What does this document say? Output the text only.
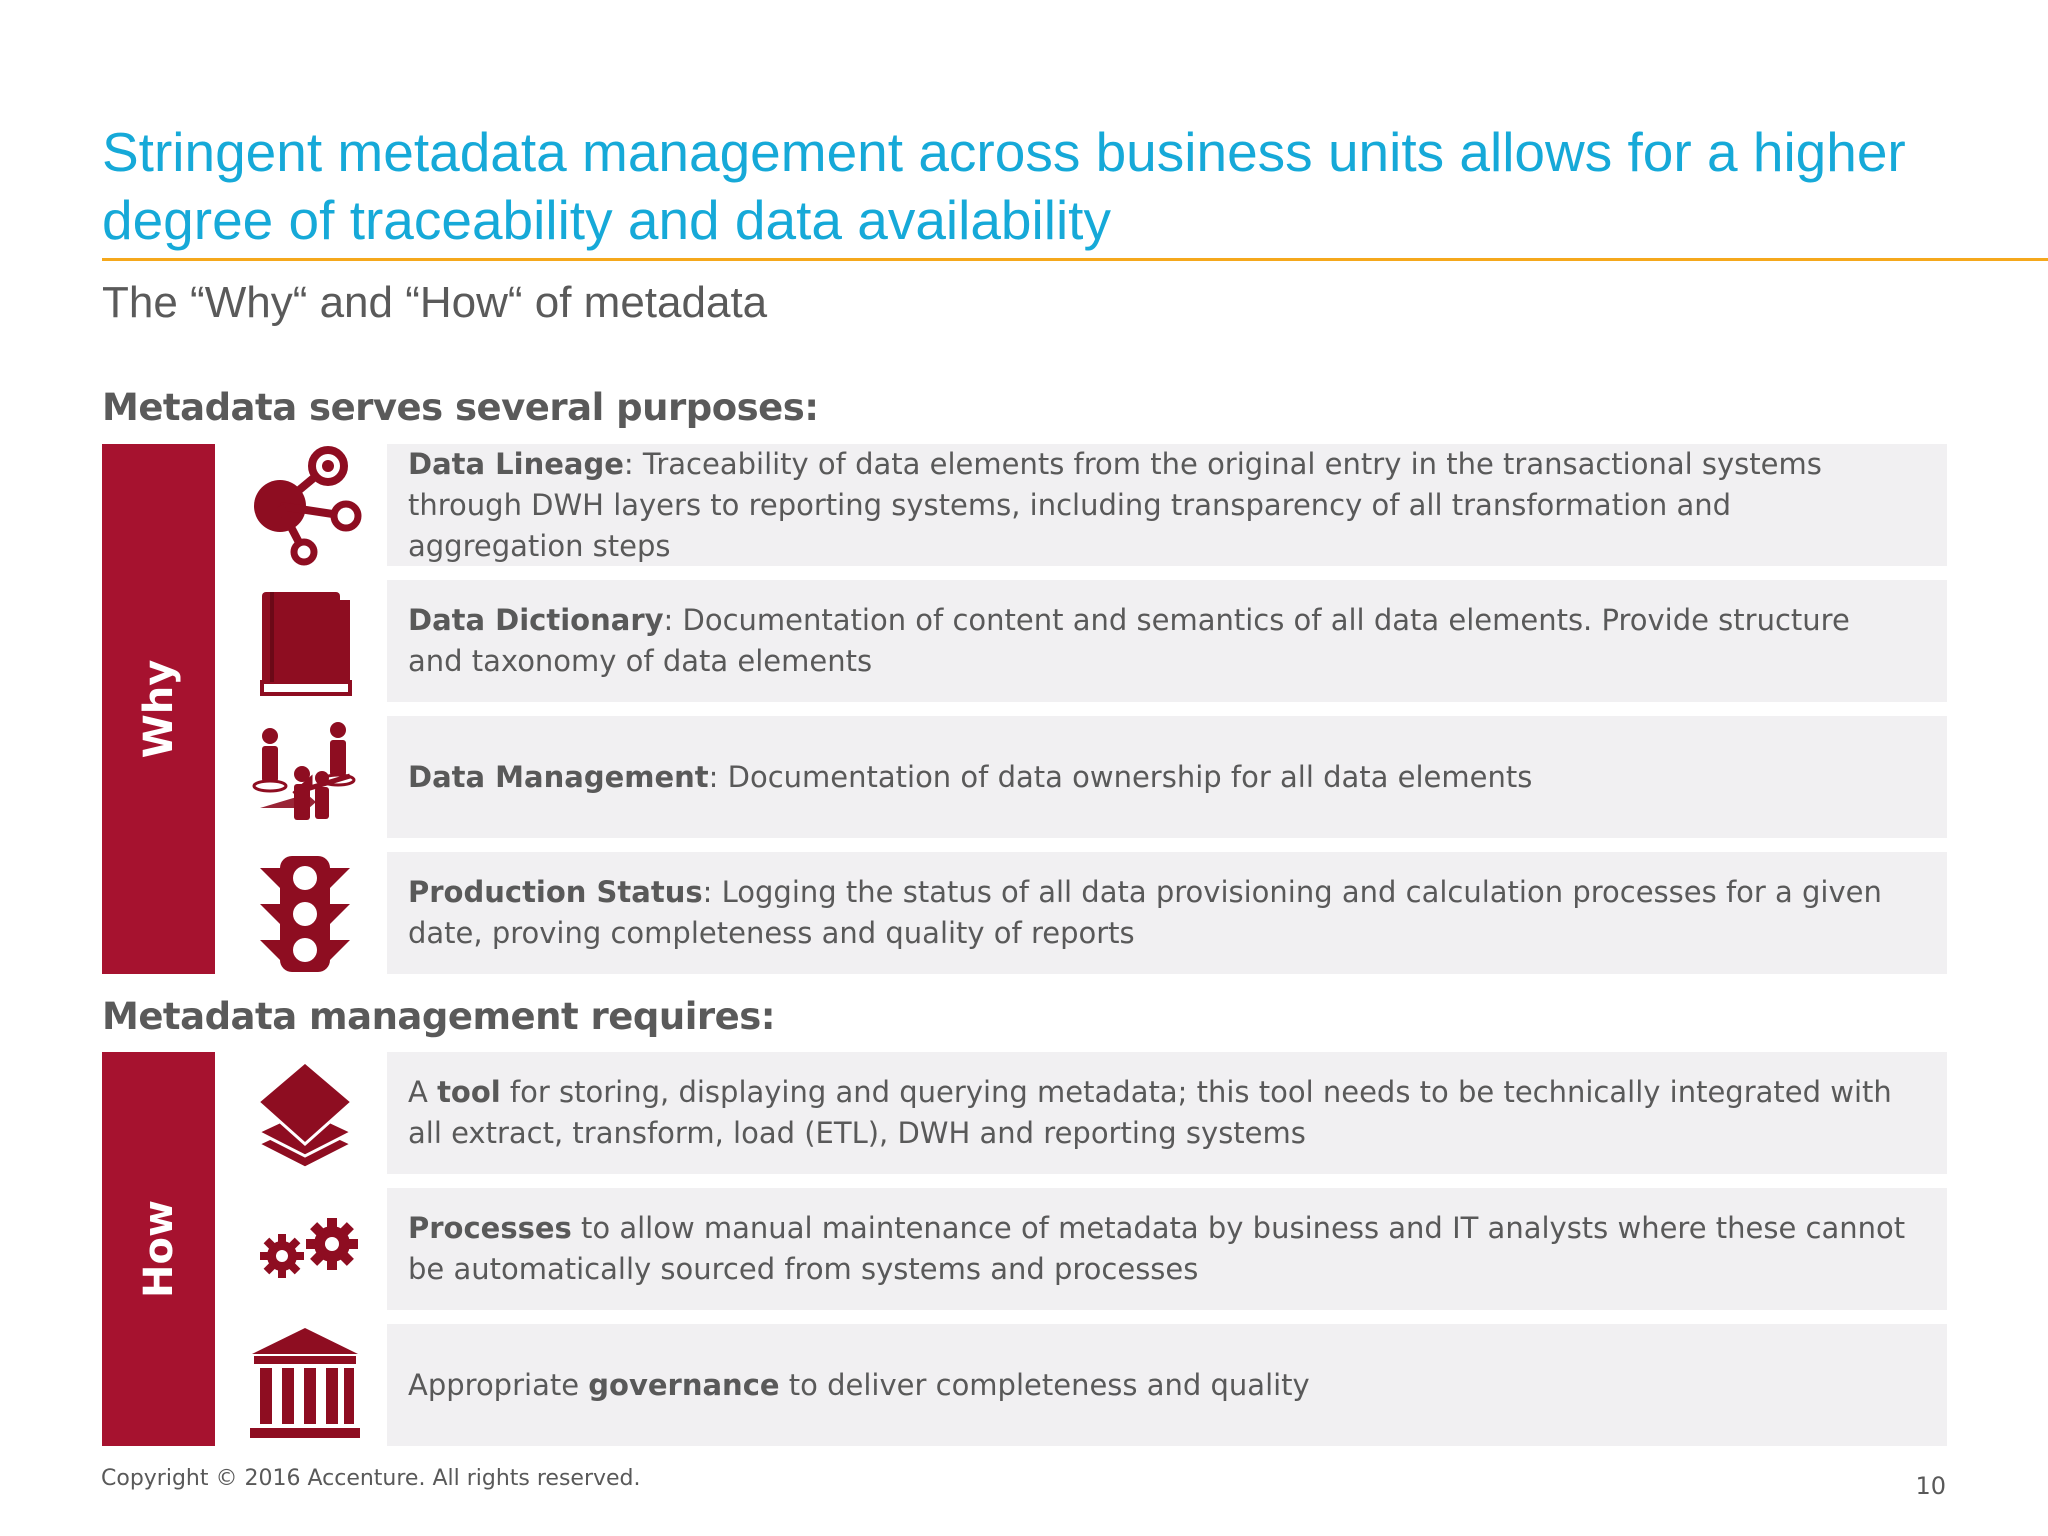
Stringent metadata management across business units allows for a higher degree of traceability and data availability
The “Why“ and “How“ of metadata
Metadata serves several purposes:
Why
Data Lineage: Traceability of data elements from the original entry in the transactional systems through DWH layers to reporting systems, including transparency of all transformation and aggregation steps
Data Dictionary: Documentation of content and semantics of all data elements. Provide structure and taxonomy of data elements
Data Management: Documentation of data ownership for all data elements
Production Status: Logging the status of all data provisioning and calculation processes for a given date, proving completeness and quality of reports
Metadata management requires:
How
A tool for storing, displaying and querying metadata; this tool needs to be technically integrated with all extract, transform, load (ETL), DWH and reporting systems
Processes to allow manual maintenance of metadata by business and IT analysts where these cannot be automatically sourced from systems and processes
Appropriate governance to deliver completeness and quality
Copyright © 2016 Accenture. All rights reserved.	10
